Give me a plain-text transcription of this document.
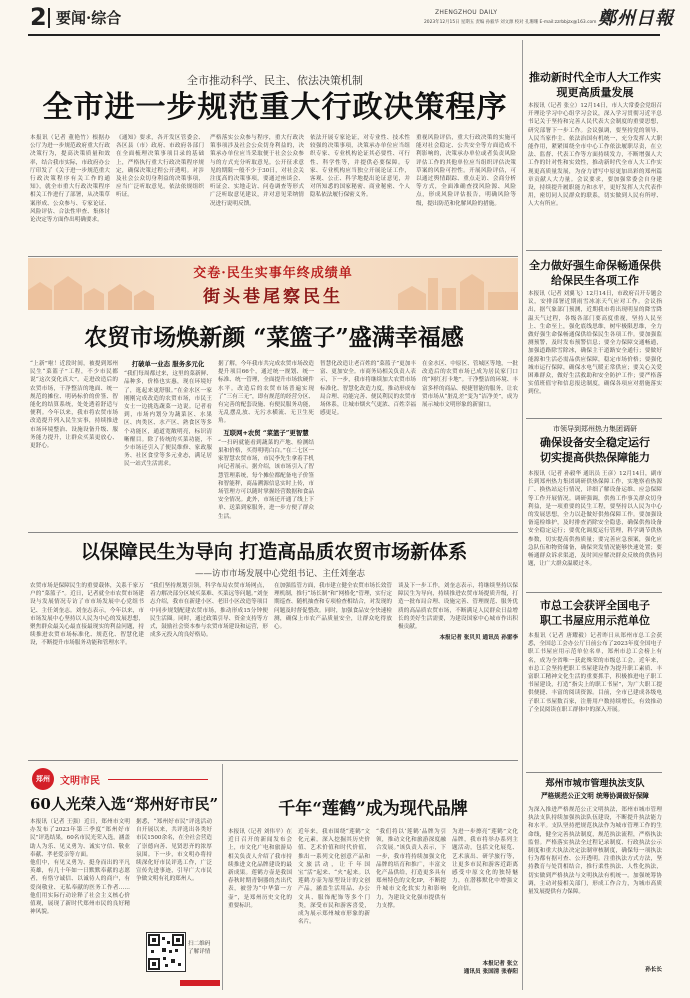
2 要闻·综合	ZHENGZHOU DAILY
2023年12月15日 星期五 责编 孙毅华 刘文源 校对 孔珊珊 E-mail:zzrbbjzx@163.com 鄭州日報
全市推动科学、民主、依法决策机制
全市进一步规范重大行政决策程序

本报讯（记者 董艳竹）根据办公厅为进一步规范政府重大行政决策行为，提高决策质量和效率，结合我市实际，市政府办公厅印发了《关于进一步规范重大行政决策程序有关工作的通知》，就全市重大行政决策程序相关工作进行了部署，从决策草案形成、公众参与、专家论证、风险评估、合法性审查、集体讨论决定等方面作出明确要求。

《通知》要求，各开发区管委会、各区县（市）政府、市政府各部门在全面梳理决策事项目录的基础上，严格执行重大行政决策程序规定，确保决策过程公开透明。对涉及社会公众切身利益的决策事项，应当广泛听取意见，依法依规组织听证。

严格落实公众参与程序，重大行政决策事项涉及社会公众切身利益的，决策承办单位应当采取便于社会公众参与的方式充分听取意见。公开征求意见的期限一般不少于30日，对社会关注度高的决策事项，要通过座谈会、听证会、实地走访、问卷调查等形式广泛听取意见建议，并对意见采纳情况进行说明反馈。

依法开展专家论证，对专业性、技术性较强的决策事项，决策承办单位应当组织专家、专业机构论证其必要性、可行性、科学性等，并提供必要保障。专家、专业机构应当独立开展论证工作，客观、公正、科学地提出论证意见，并对所知悉的国家秘密、商业秘密、个人隐私依法履行保密义务。

重视风险评估，重大行政决策的实施可能对社会稳定、公共安全等方面造成不利影响的，决策承办单位或者负责风险评估工作的其他单位应当组织评估决策草案的风险可控性。开展风险评估，可以通过舆情跟踪、重点走访、会商分析等方式，全面准确查找风险源、风险点，形成风险评估报告，明确风险等级，提出防范和化解风险的措施。

交卷·民生实事年终成绩单
街头巷尾察民生
农贸市场焕新颜 “菜篮子”盛满幸福感

“上新”啦！近段时间，被提到郑州民生“菜篮子”工程，不少市民都说“这次变化真大”。走进改造后的农贸市场，干净整洁的地面、统一规范的摊位、明码标价的价签、智能化的结算系统，处处透着舒适与便利。今年以来，我市将农贸市场改造提升列入民生实事，持续推进市场环境整治、设施设备升级、服务能力提升，让群众买菜更放心、更舒心。

打破单一业态 服务多元化

“我们每周都过来，这里的菜新鲜、品种多，价格也实惠，现在环境好了，逛起来更舒服。”在金水区一家刚刚完成改造的农贸市场，市民王女士一边挑选蔬菜一边说。记者看到，市场内划分为蔬菜区、水果区、肉类区、水产区、熟食区等多个功能区，通道宽敞明亮，标识清晰醒目。除了传统的买菜功能，不少市场还引入了便民维修、家政服务、社区食堂等多元业态，满足居民一站式生活需求。

据了解，今年我市共完成农贸市场改造提升项目66个，通过统一规划、统一标准、统一管理，全面提升市场软硬件水平。改造后的农贸市场普遍实现了“三有三无”，即有规范的经营分区、有完善的配套设施、有便民服务功能，无乱摆乱放、无污水横流、无卫生死角。

互联网+农贸 “菜篮子”更智慧

“一扫码就能看到蔬菜的产地、检测结果和价格，买得明明白白。”在二七区一家智慧农贸市场，市民李先生拿着手机向记者展示。据介绍，该市场引入了智慧管理系统，每个摊位都配备电子价签和智能秤，商品溯源信息实时上传，市场管理方可以随时掌握经营数据和食品安全情况。此外，市场还开通了线上下单、送菜到家服务，进一步方便了群众生活。

智慧化改造让老百姓的“菜篮子”更加丰富、更加安全。市商务局相关负责人表示，下一步，我市将继续加大农贸市场标准化、智慧化改造力度，推动形成布局合理、功能完善、便民利民的农贸市场体系，让城市烟火气更浓、百姓幸福感更足。

在金水区、中原区、管城区等地，一批改造后的农贸市场已成为居民家门口的“网红打卡地”。干净整洁的环境、丰富多样的商品、便捷智能的服务，让农贸市场从“脏乱差”变为“洁净美”，成为展示城市文明形象的新窗口。

以保障民生为导向 打造高品质农贸市场新体系
——访市市场发展中心党组书记、主任刘奎志

农贸市场是保障民生的重要载体，关系千家万户的“菜篮子”。近日，记者就全市农贸市场建设与发展情况专访了市市场发展中心党组书记、主任刘奎志。刘奎志表示，今年以来，市市场发展中心坚持以人民为中心的发展思想，聚焦群众最关心最直接最现实的利益问题，持续推进农贸市场标准化、规范化、智慧化建设，不断提升市场服务功能和管理水平。

“我们坚持规划引领，科学布局农贸市场网点，着力解决部分区域买菜难、买菜远等问题。”刘奎志介绍，我市在新建小区、老旧小区改造等项目中同步规划配建农贸市场，推动形成15分钟便民生活圈。同时，通过政策引导、资金支持等方式，鼓励社会资本参与农贸市场建设和运营，形成多元投入的良好格局。

在加强监管方面，我市建立健全农贸市场长效管理机制，推行“场长制”和“网格化”管理，实行定期巡查、随机抽查和专项检查相结合，对发现的问题及时督促整改。同时，加强食品安全快速检测，确保上市农产品质量安全，让群众吃得放心。

谈及下一步工作，刘奎志表示，将继续坚持以保障民生为导向，持续推进农贸市场提质升级，打造一批布局合理、设施完善、管理规范、服务优质的高品质农贸市场，不断满足人民群众日益增长的美好生活需要，为建设国家中心城市作出积极贡献。

本报记者 张贝贝 通讯员 孙雷李

郑州	文明市民
60人光荣入选“郑州好市民”

本报讯（记者 王强）近日，郑州市文明办发布了2023年第三季度“郑州好市民”评选结果，60名市民光荣入选，涵盖助人为乐、见义勇为、诚实守信、敬业奉献、孝老爱亲等方面。

他们中，有见义勇为、挺身而出的平凡英雄，有几十年如一日默默奉献的志愿者，有恪守诚信、以诚待人的商户，有爱岗敬业、无私奉献的医务工作者……他们用实际行动诠释了社会主义核心价值观，展现了新时代郑州市民的良好精神风貌。

据悉，“郑州好市民”评选活动自开展以来，共评选出各类好市民1500余名，在全社会营造了崇德向善、见贤思齐的浓厚氛围。下一步，市文明办将持续深化好市民评选工作，广泛宣传先进事迹，引导广大市民争做文明有礼的郑州人。

扫二维码
了解详情
千年“莲鹤”成为现代品牌

本报讯（记者 刘伟平）在近日召开的新闻发布会上，市文化广电和旅游局相关负责人介绍了我市持续推进文化品牌建设的最新成果。莲鹤方壶是我国春秋时期青铜器的杰出代表，被誉为“中华第一方壶”，是郑州历史文化的重要标识。

近年来，我市围绕“莲鹤”文化元素，深入挖掘其历史价值、艺术价值和时代价值，推出一系列文化创意产品和文旅活动，让千年国宝“活”起来、“火”起来。以莲鹤方壶为原型设计的文创产品，涵盖生活用品、办公文具、服饰配饰等多个门类，深受市民和游客喜爱，成为展示郑州城市形象的新名片。

“我们将以‘莲鹤’品牌为引领，推动文化和旅游深度融合发展。”该负责人表示，下一步，我市将持续加强文化品牌的培育和推广，丰富文化产品供给，打造更多具有郑州特色的文化IP，不断提升城市文化软实力和影响力，为建设文化强市提供有力支撑。

为进一步擦亮“莲鹤”文化品牌，我市将举办系列主题活动，包括文化展览、艺术演出、研学旅行等，让更多市民和游客近距离感受中原文化的独特魅力，在潜移默化中增强文化自信。

本报记者 张立
通讯员 张国清 张春阳

推动新时代全市人大工作实现更高质量发展

本报讯（记者 张立）12月14日，市人大常委会党组召开理论学习中心组学习会议，深入学习贯彻习近平总书记关于坚持和完善人民代表大会制度的重要思想，研究部署下一步工作。会议强调，要坚持党的领导、人民当家作主、依法治国有机统一，充分发挥人大职能作用，紧紧围绕全市中心工作依法履职尽责，在立法、监督、代表工作等方面持续发力，不断增强人大工作的针对性和实效性，推动新时代全市人大工作实现更高质量发展，为奋力谱写中原更加出彩的郑州篇章贡献人大力量。会议要求，要加强常委会自身建设，持续提升履职能力和水平，更好发挥人大代表作用，密切同人民群众的联系，切实做到人民有所呼、人大有所应。

全力做好强生命保畅通保供给保民生各项工作

本报讯（记者 刘翼飞）12月14日，市政府召开专题会议，安排部署近期雨雪冰冻天气应对工作。会议指出，据气象部门预测，近期我市将出现明显的降雪降温天气过程，各级各部门要高度重视，坚持人民至上、生命至上，强化底线思维，树牢极限思维，全力做好强生命保畅通保供给保民生各项工作。要加强监测预警，及时发布预警信息；要全力保障交通畅通，加强道路除雪除冰，确保主干道路安全通行；要做好能源和生活必需品供应保障，稳定市场价格；要强化城市运行保障，确保水电气暖正常供应；要关心关爱困难群众，做好生活救助和安全防护工作；要严格落实值班值守和信息报送制度，确保各项应对措施落实到位。

市领导到郑州热力集团调研
确保设备安全稳定运行
切实提高供热保障能力

本报讯（记者 孙毅华 通讯员 王彦）12月14日，副市长到郑州热力集团调研供热保障工作，实地察看热源厂、换热站运行情况，详细了解设备运维、应急保障等工作开展情况。调研强调，供热工作事关群众切身利益，是一项重要的民生工程，要坚持以人民为中心的发展思想，全力以赴做好供热保障工作。要加强设备巡检维护，及时排查消除安全隐患，确保供热设备安全稳定运行；要优化调度运行管理，科学调节供热参数，切实提高供热质量；要完善应急预案，强化应急队伍和物资储备，确保突发情况能够快速处置；要畅通群众诉求渠道，及时回应解决群众反映的供热问题，让广大群众温暖过冬。

市总工会获评全国电子
职工书屋应用示范单位

本报讯（记者 唐耀毅）记者昨日从郑州市总工会获悉，全国总工会办公厅日前公布了2023年度全国电子职工书屋应用示范单位名单，郑州市总工会榜上有名，成为全省唯一获此殊荣的市级总工会。近年来，市总工会坚持把职工书屋建设作为提升职工素质、丰富职工精神文化生活的重要抓手，积极推进电子职工书屋建设，打造“指尖上的职工书屋”，为广大职工提供便捷、丰富的阅读资源。目前，全市已建成各级电子职工书屋数百家，注册用户数持续增长，有效推动了全民阅读在职工群体中的深入开展。

郑州市城市管理执法支队
严格规范公正文明 统筹协调做好保障

为深入推进严格规范公正文明执法，郑州市城市管理执法支队持续加强执法队伍建设，不断提升执法能力和水平。支队坚持把规范执法作为城市管理工作的生命线，健全完善执法制度，规范执法流程，严格执法监督。严格落实执法全过程记录制度、行政执法公示制度和重大执法决定法制审核制度，确保每一项执法行为都有据可查、公开透明。注重执法方式方法，坚持教育与处罚相结合，推行柔性执法、人性化执法，切实做到严格执法与文明执法有机统一。加强统筹协调，主动对接相关部门，形成工作合力，为城市高质量发展提供有力保障。

孙长长
